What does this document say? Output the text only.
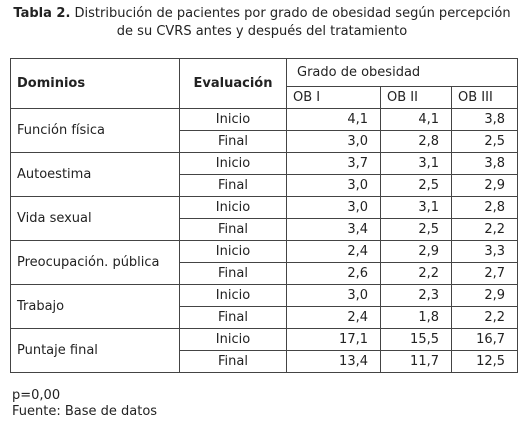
Tabla 2. Distribución de pacientes por grado de obesidad según percepción
de su CVRS antes y después del tratamiento
Dominios	Evaluación	Grado de obesidad		
		OB I	OB II	OB III
Función física	Inicio	4,1	4,1	3,8
	Final	3,0	2,8	2,5
Autoestima	Inicio	3,7	3,1	3,8
	Final	3,0	2,5	2,9
Vida sexual	Inicio	3,0	3,1	2,8
	Final	3,4	2,5	2,2
Preocupación. pública	Inicio	2,4	2,9	3,3
	Final	2,6	2,2	2,7
Trabajo	Inicio	3,0	2,3	2,9
	Final	2,4	1,8	2,2
Puntaje final	Inicio	17,1	15,5	16,7
	Final	13,4	11,7	12,5
p=0,00
Fuente: Base de datos
